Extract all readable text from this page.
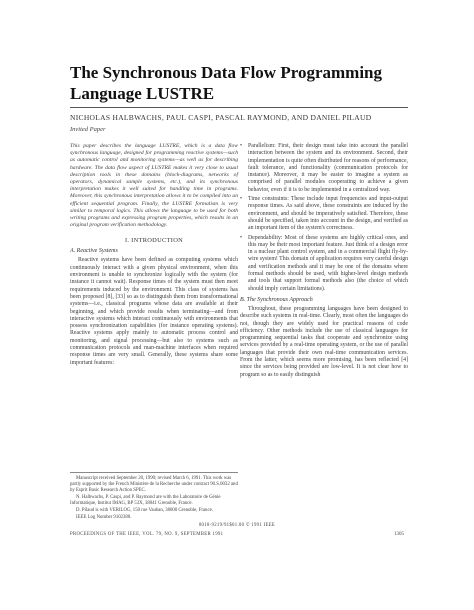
The Synchronous Data Flow Programming
Language LUSTRE
NICHOLAS HALBWACHS, PAUL CASPI, PASCAL RAYMOND, AND DANIEL PILAUD
Invited Paper

This paper describes the language LUSTRE, which is a data flow synchronous language, designed for programming reactive systems—such as automatic control and monitoring systems—as well as for describing hardware. The data flow aspect of LUSTRE makes it very close to usual description tools in these domains (block-diagrams, networks of operators, dynamical sample systems, etc.), and its synchronous interpretation makes it well suited for handling time in programs. Moreover, this synchronous interpretation allows it to be compiled into an efficient sequential program. Finally, the LUSTRE formalism is very similar to temporal logics. This allows the language to be used for both writing programs and expressing program properties, which results in an original program verification methodology.

I. INTRODUCTION
A. Reactive Systems

Reactive systems have been defined as computing systems which continuously interact with a given physical environment, when this environment is unable to synchronize logically with the system (for instance it cannot wait). Response times of the system must then meet requirements induced by the environment. This class of systems has been proposed [8], [33] so as to distinguish them from transformational systems—i.e., classical programs whose data are available at their beginning, and which provide results when terminating—and from interactive systems which interact continuously with environments that possess synchronization capabilities (for instance operating systems). Reactive systems apply mainly to automatic process control and monitoring, and signal processing—but also to systems such as communication protocols and man-machine interfaces when required response times are very small. Generally, these systems share some important features:

Manuscript received September 20, 1990; revised March 6, 1991. This work was partly supported by the French Ministère de la Recherche under contract 90.S.0032 and by Esprit Basic Research Action SPEC.

N. Halbwachs, P. Caspi, and P. Raymond are with the Laboratoire de Génie Informatique, Institut IMAG, BP 53X, 38041 Grenoble, France.

D. Pilaud is with VERILOG, 150 rue Vauban, 38000 Grenoble, France.

IEEE Log Number 9102388.

• Parallelism: First, their design must take into account the parallel interaction between the system and its environment. Second, their implementation is quite often distributed for reasons of performance, fault tolerance, and functionality (communication protocols for instance). Moreover, it may be easier to imagine a system as comprised of parallel modules cooperating to achieve a given behavior, even if it is to be implemented in a centralized way.
• Time constraints: These include input frequencies and input-output response times. As said above, these constraints are induced by the environment, and should be imperatively satisfied. Therefore, these should be specified, taken into account in the design, and verified as an important item of the system's correctness.
• Dependability: Most of these systems are highly critical ones, and this may be their most important feature. Just think of a design error in a nuclear plant control system, and in a commercial flight fly-by-wire system! This domain of application requires very careful design and verification methods and it may be one of the domains where formal methods should be used, with higher-level design methods and tools that support formal methods also (the choice of which should imply certain limitations).
B. The Synchronous Approach

Throughout, these programming languages have been designed to describe such systems in real-time. Clearly, most often the languages do not, though they are widely used for practical reasons of code efficiency. Other methods include the use of classical languages for programming sequential tasks that cooperate and synchronize using services provided by a real-time operating system, or the use of parallel languages that provide their own real-time communication services. From the latter, which seems more promising, has been reflected [4] since the services being provided are low-level. It is not clear how to program so as to easily distinguish

0018-9219/91$01.00 © 1991 IEEE
PROCEEDINGS OF THE IEEE, VOL. 79, NO. 9, SEPTEMBER 1991	1305
